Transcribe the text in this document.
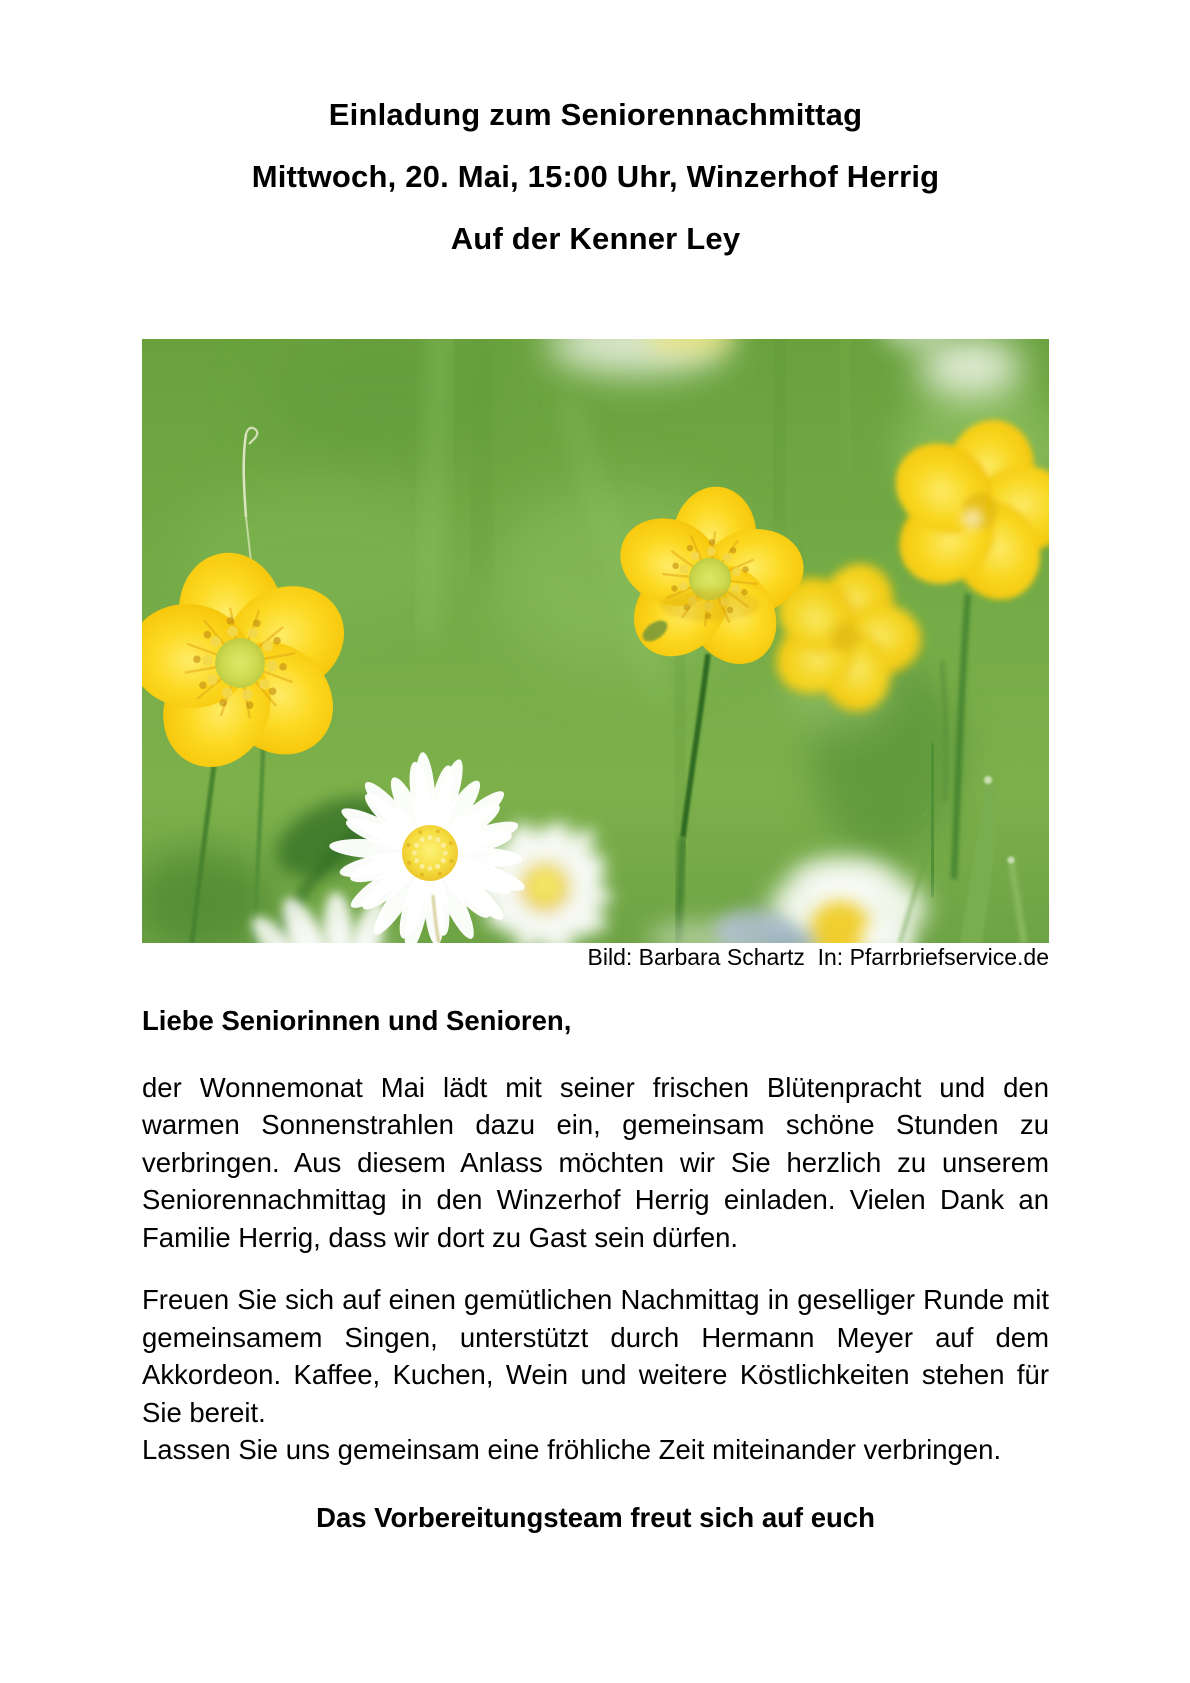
Einladung zum Seniorennachmittag
Mittwoch, 20. Mai, 15:00 Uhr, Winzerhof Herrig
Auf der Kenner Ley
Bild: Barbara Schartz  In: Pfarrbriefservice.de
Liebe Seniorinnen und Senioren,

der Wonnemonat Mai lädt mit seiner frischen Blütenpracht und den warmen Sonnenstrahlen dazu ein, gemeinsam schöne Stunden zu verbringen. Aus diesem Anlass möchten wir Sie herzlich zu unserem Seniorennachmittag in den Winzerhof Herrig einladen. Vielen Dank an Familie Herrig, dass wir dort zu Gast sein dürfen.

Freuen Sie sich auf einen gemütlichen Nachmittag in geselliger Runde mit gemeinsamem Singen, unterstützt durch Hermann Meyer auf dem Akkordeon. Kaffee, Kuchen, Wein und weitere Köstlichkeiten stehen für Sie bereit.

Lassen Sie uns gemeinsam eine fröhliche Zeit miteinander verbringen.

Das Vorbereitungsteam freut sich auf euch
